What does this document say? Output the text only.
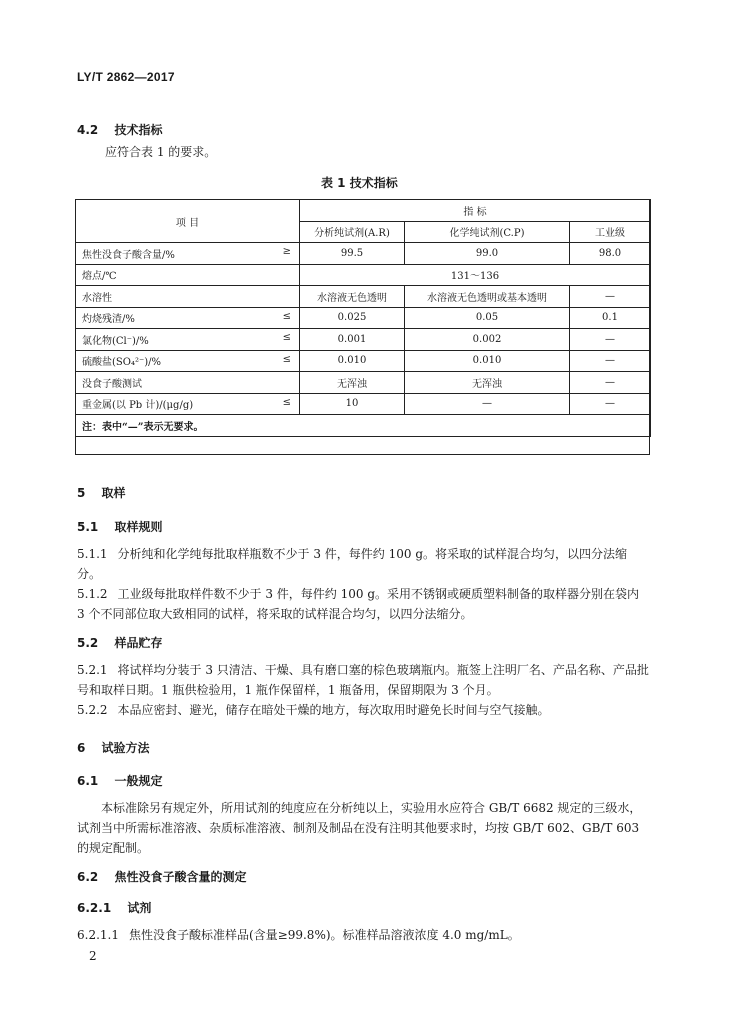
LY/T 2862—2017
4.2 技术指标
应符合表 1 的要求。
表 1 技术指标
项 目	指 标		
	分析纯试剂(A.R)	化学纯试剂(C.P)	工业级
焦性没食子酸含量/% ≥	99.5	99.0	98.0
熔点/℃	131～136		
水溶性	水溶液无色透明	水溶液无色透明或基本透明	—
灼烧残渣/% ≤	0.025	0.05	0.1
氯化物(Cl⁻)/% ≤	0.001	0.002	—
硫酸盐(SO₄²⁻)/% ≤	0.010	0.010	—
没食子酸测试	无浑浊	无浑浊	—
重金属(以 Pb 计)/(μg/g) ≤	10	—	—
注：表中“—”表示无要求。			
5 取样
5.1 取样规则
5.1.1 分析纯和化学纯每批取样瓶数不少于 3 件，每件约 100 g。将采取的试样混合均匀，以四分法缩分。
5.1.2 工业级每批取样件数不少于 3 件，每件约 100 g。采用不锈钢或硬质塑料制备的取样器分别在袋内 3 个不同部位取大致相同的试样，将采取的试样混合均匀，以四分法缩分。
5.2 样品贮存
5.2.1 将试样均分装于 3 只清洁、干燥、具有磨口塞的棕色玻璃瓶内。瓶签上注明厂名、产品名称、产品批号和取样日期。1 瓶供检验用，1 瓶作保留样，1 瓶备用，保留期限为 3 个月。
5.2.2 本品应密封、避光，储存在暗处干燥的地方，每次取用时避免长时间与空气接触。
6 试验方法
6.1 一般规定
本标准除另有规定外，所用试剂的纯度应在分析纯以上，实验用水应符合 GB/T 6682 规定的三级水，试剂当中所需标准溶液、杂质标准溶液、制剂及制品在没有注明其他要求时，均按 GB/T 602、GB/T 603的规定配制。
6.2 焦性没食子酸含量的测定
6.2.1 试剂
6.2.1.1 焦性没食子酸标准样品(含量≥99.8%)。标准样品溶液浓度 4.0 mg/mL。
2
